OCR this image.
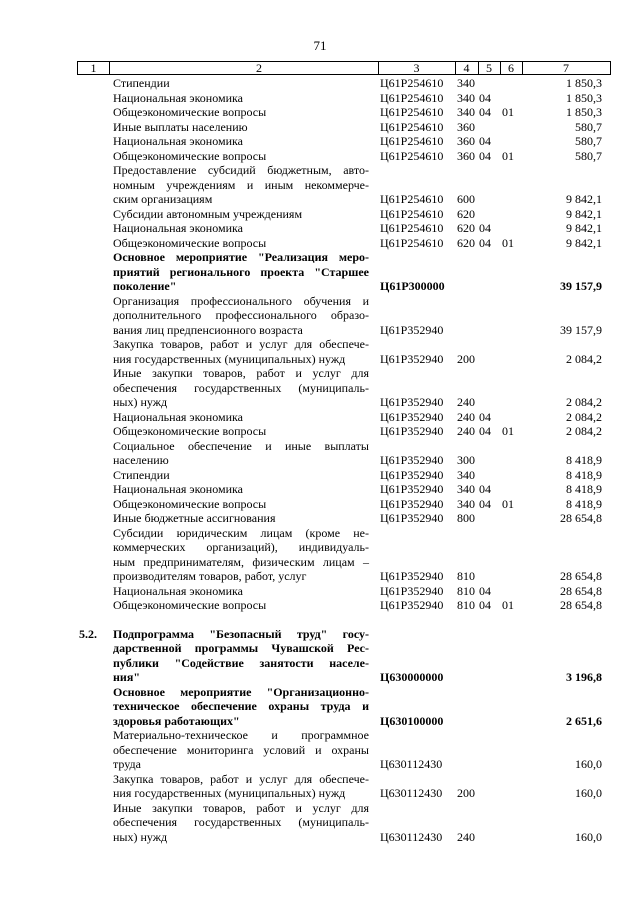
71
1	2	3	4	5	6	7
Стипендии	Ц61Р254610 340	1 850,3
Национальная экономика	Ц61Р254610 340 04	1 850,3
Общеэкономические вопросы	Ц61Р254610 340 04 01	1 850,3
Иные выплаты населению	Ц61Р254610 360	580,7
Национальная экономика	Ц61Р254610 360 04	580,7
Общеэкономические вопросы	Ц61Р254610 360 04 01	580,7
Предоставление субсидий бюджетным, авто-
номным учреждениям и иным некоммерче-
ским организациям	Ц61Р254610 600	9 842,1
Субсидии автономным учреждениям	Ц61Р254610 620	9 842,1
Национальная экономика	Ц61Р254610 620 04	9 842,1
Общеэкономические вопросы	Ц61Р254610 620 04 01	9 842,1
Основное мероприятие "Реализация меро-
приятий регионального проекта "Старшее
поколение"	Ц61Р300000	39 157,9
Организация профессионального обучения и
дополнительного профессионального образо-
вания лиц предпенсионного возраста	Ц61Р352940	39 157,9
Закупка товаров, работ и услуг для обеспече-
ния государственных (муниципальных) нужд	Ц61Р352940 200	2 084,2
Иные закупки товаров, работ и услуг для
обеспечения государственных (муниципаль-
ных) нужд	Ц61Р352940 240	2 084,2
Национальная экономика	Ц61Р352940 240 04	2 084,2
Общеэкономические вопросы	Ц61Р352940 240 04 01	2 084,2
Социальное обеспечение и иные выплаты
населению	Ц61Р352940 300	8 418,9
Стипендии	Ц61Р352940 340	8 418,9
Национальная экономика	Ц61Р352940 340 04	8 418,9
Общеэкономические вопросы	Ц61Р352940 340 04 01	8 418,9
Иные бюджетные ассигнования	Ц61Р352940 800	28 654,8
Субсидии юридическим лицам (кроме не-
коммерческих организаций), индивидуаль-
ным предпринимателям, физическим лицам –
производителям товаров, работ, услуг	Ц61Р352940 810	28 654,8
Национальная экономика	Ц61Р352940 810 04	28 654,8
Общеэкономические вопросы	Ц61Р352940 810 04 01	28 654,8
5.2.	Подпрограмма "Безопасный труд" госу-
дарственной программы Чувашской Рес-
публики "Содействие занятости населе-
ния"	Ц630000000	3 196,8
Основное мероприятие "Организационно-
техническое обеспечение охраны труда и
здоровья работающих"	Ц630100000	2 651,6
Материально-техническое и программное
обеспечение мониторинга условий и охраны
труда	Ц630112430	160,0
Закупка товаров, работ и услуг для обеспече-
ния государственных (муниципальных) нужд	Ц630112430 200	160,0
Иные закупки товаров, работ и услуг для
обеспечения государственных (муниципаль-
ных) нужд	Ц630112430 240	160,0
